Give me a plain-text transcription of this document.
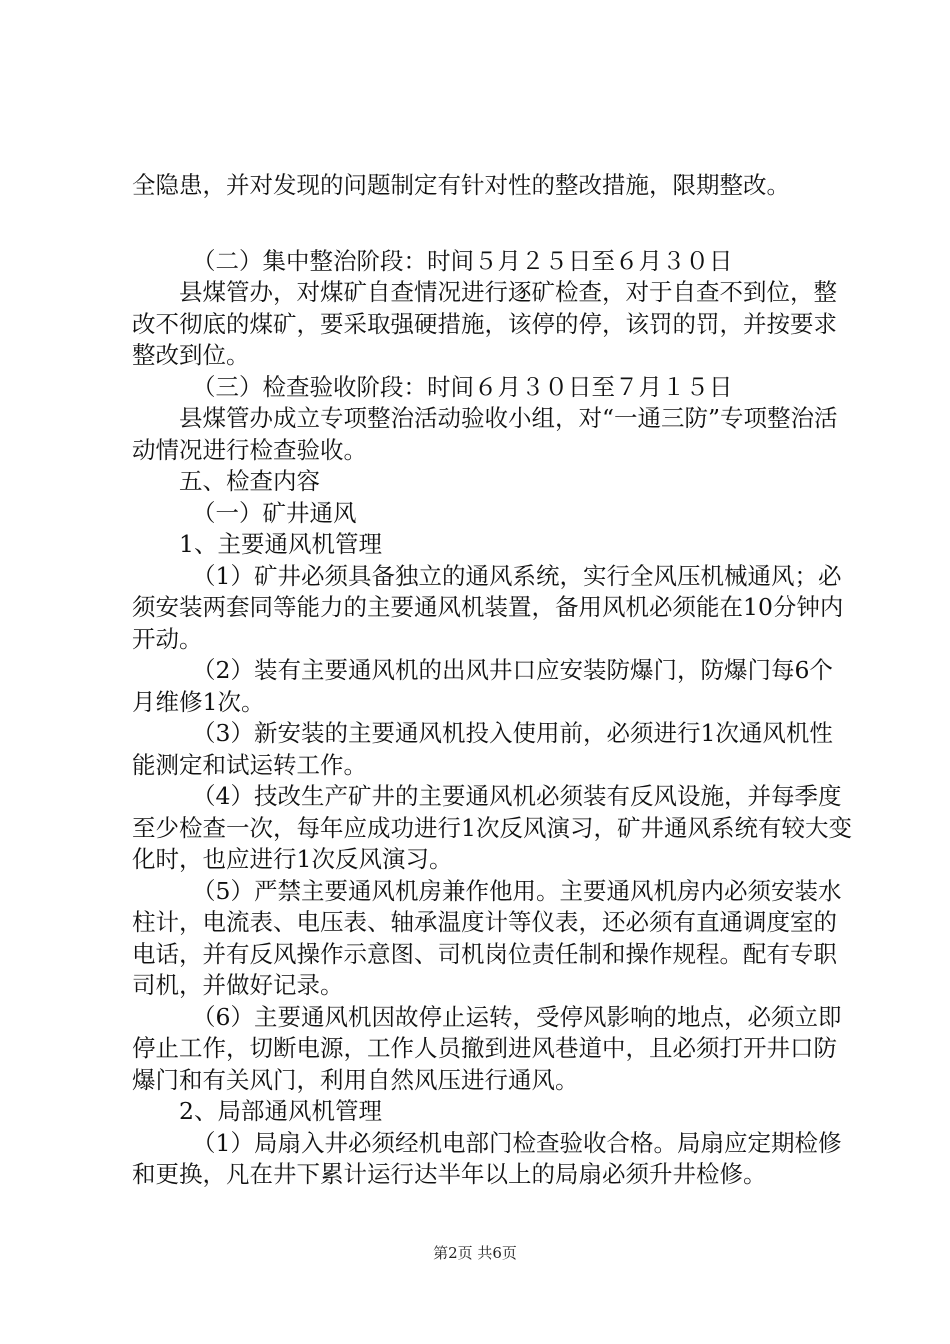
全隐患，并对发现的问题制定有针对性的整改措施，限期整改。

（二）集中整治阶段：时间５月２５日至６月３０日

县煤管办，对煤矿自查情况进行逐矿检查，对于自查不到位，整改不彻底的煤矿，要采取强硬措施，该停的停，该罚的罚，并按要求整改到位。

（三）检查验收阶段：时间６月３０日至７月１５日

县煤管办成立专项整治活动验收小组，对“一通三防”专项整治活动情况进行检查验收。

五、检查内容

（一）矿井通风

1、主要通风机管理

（1）矿井必须具备独立的通风系统，实行全风压机械通风；必须安装两套同等能力的主要通风机装置，备用风机必须能在10分钟内开动。

（2）装有主要通风机的出风井口应安装防爆门，防爆门每6个月维修1次。

（3）新安装的主要通风机投入使用前，必须进行1次通风机性能测定和试运转工作。

（4）技改生产矿井的主要通风机必须装有反风设施，并每季度至少检查一次，每年应成功进行1次反风演习，矿井通风系统有较大变化时，也应进行1次反风演习。

（5）严禁主要通风机房兼作他用。主要通风机房内必须安装水柱计，电流表、电压表、轴承温度计等仪表，还必须有直通调度室的电话，并有反风操作示意图、司机岗位责任制和操作规程。配有专职司机，并做好记录。

（6）主要通风机因故停止运转，受停风影响的地点，必须立即停止工作，切断电源，工作人员撤到进风巷道中，且必须打开井口防爆门和有关风门，利用自然风压进行通风。

2、局部通风机管理

（1）局扇入井必须经机电部门检查验收合格。局扇应定期检修和更换，凡在井下累计运行达半年以上的局扇必须升井检修。

第2页 共6页
